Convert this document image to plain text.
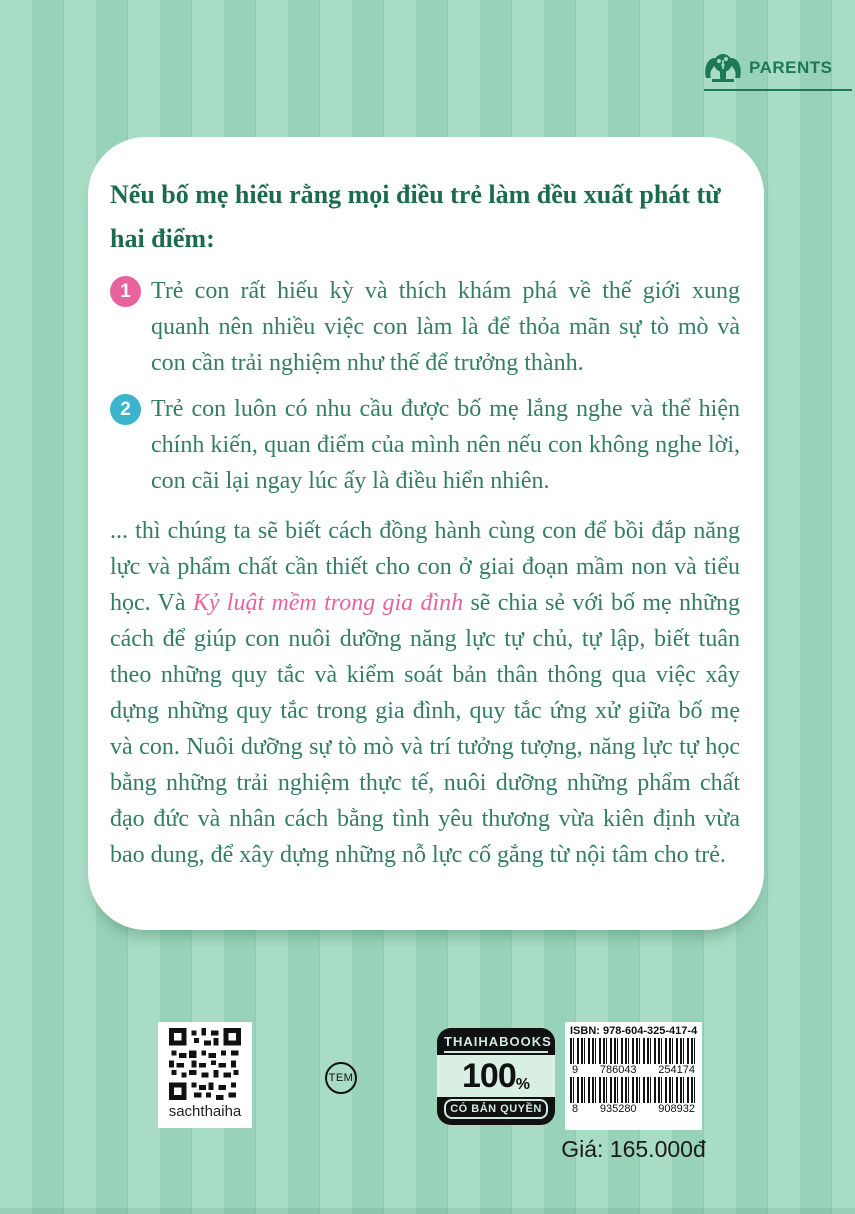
PARENTS
Nếu bố mẹ hiểu rằng mọi điều trẻ làm đều xuất phát từ hai điểm:
1 Trẻ con rất hiếu kỳ và thích khám phá về thế giới xung quanh nên nhiều việc con làm là để thỏa mãn sự tò mò và con cần trải nghiệm như thế để trưởng thành.

2 Trẻ con luôn có nhu cầu được bố mẹ lắng nghe và thể hiện chính kiến, quan điểm của mình nên nếu con không nghe lời, con cãi lại ngay lúc ấy là điều hiển nhiên.

... thì chúng ta sẽ biết cách đồng hành cùng con để bồi đắp năng lực và phẩm chất cần thiết cho con ở giai đoạn mầm non và tiểu học. Và Kỷ luật mềm trong gia đình sẽ chia sẻ với bố mẹ những cách để giúp con nuôi dưỡng năng lực tự chủ, tự lập, biết tuân theo những quy tắc và kiểm soát bản thân thông qua việc xây dựng những quy tắc trong gia đình, quy tắc ứng xử giữa bố mẹ và con. Nuôi dưỡng sự tò mò và trí tưởng tượng, năng lực tự học bằng những trải nghiệm thực tế, nuôi dưỡng những phẩm chất đạo đức và nhân cách bằng tình yêu thương vừa kiên định vừa bao dung, để xây dựng những nỗ lực cố gắng từ nội tâm cho trẻ.

sachthaiha
TEM
THAIHABOOKS
100 %
CÓ BẢN QUYỀN
ISBN: 978-604-325-417-4
9 786043 254174
8 935280 908932
Giá: 165.000đ
